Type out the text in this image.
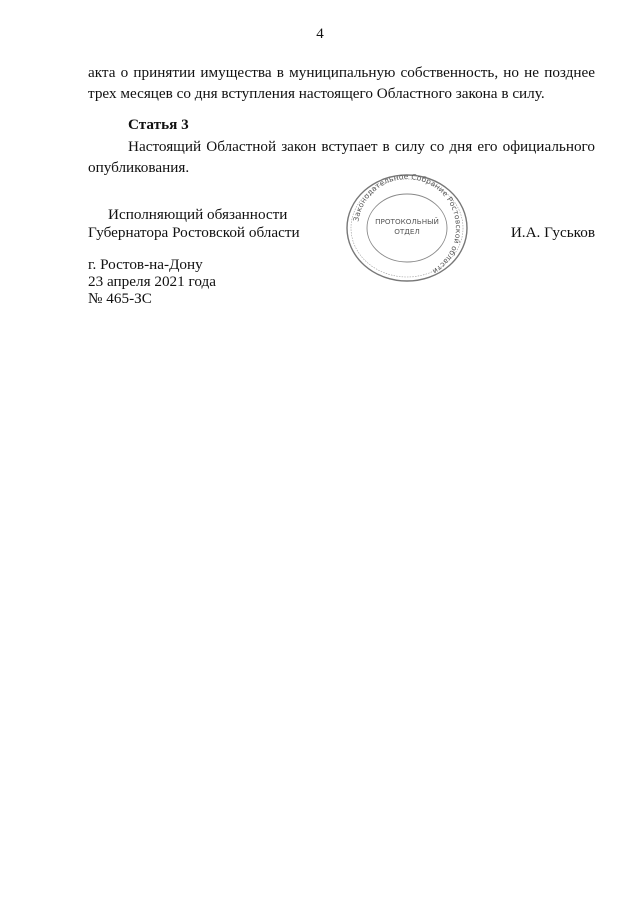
4
акта о принятии имущества в муниципальную собственность, но не позднее трех месяцев со дня вступления настоящего Областного закона в силу.
Статья 3
Настоящий Областной закон вступает в силу со дня его официального опубликования.
Исполняющий обязанности
Губернатора Ростовской области
Законодательное Собрание Ростовской области
ПРОТОКОЛЬНЫЙ
ОТДЕЛ	И.А. Гуськов
г. Ростов-на-Дону
23 апреля 2021 года
№ 465-ЗС
